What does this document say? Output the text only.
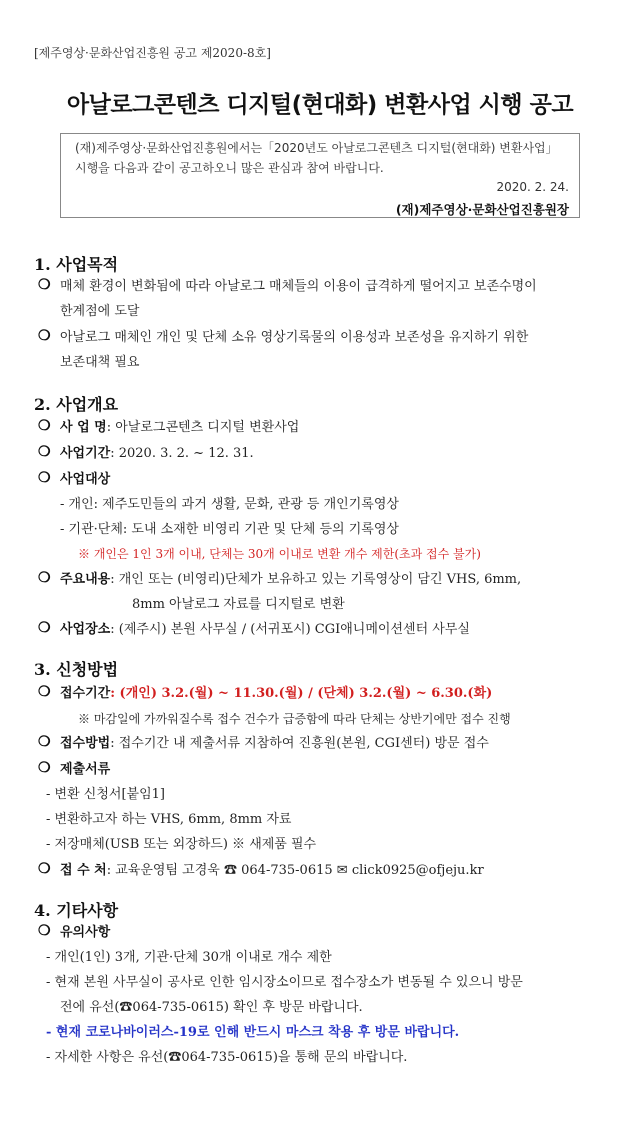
[제주영상·문화산업진흥원 공고 제2020-8호]
아날로그콘텐츠 디지털(현대화) 변환사업 시행 공고
(재)제주영상·문화산업진흥원에서는「2020년도 아날로그콘텐츠 디지털(현대화) 변환사업」시행을 다음과 같이 공고하오니 많은 관심과 참여 바랍니다.
2020. 2. 24.
(재)제주영상·문화산업진흥원장
1. 사업목적
❍ 매체 환경이 변화됨에 따라 아날로그 매체들의 이용이 급격하게 떨어지고 보존수명이
한계점에 도달
❍ 아날로그 매체인 개인 및 단체 소유 영상기록물의 이용성과 보존성을 유지하기 위한
보존대책 필요
2. 사업개요
❍ 사 업 명: 아날로그콘텐츠 디지털 변환사업
❍ 사업기간: 2020. 3. 2. ~ 12. 31.
❍ 사업대상
- 개인: 제주도민들의 과거 생활, 문화, 관광 등 개인기록영상
- 기관·단체: 도내 소재한 비영리 기관 및 단체 등의 기록영상
※ 개인은 1인 3개 이내, 단체는 30개 이내로 변환 개수 제한(초과 접수 불가)
❍ 주요내용: 개인 또는 (비영리)단체가 보유하고 있는 기록영상이 담긴 VHS, 6mm,
8mm 아날로그 자료를 디지털로 변환
❍ 사업장소: (제주시) 본원 사무실 / (서귀포시) CGI애니메이션센터 사무실
3. 신청방법
❍ 접수기간: (개인) 3.2.(월) ~ 11.30.(월) / (단체) 3.2.(월) ~ 6.30.(화)
※ 마감일에 가까워질수록 접수 건수가 급증함에 따라 단체는 상반기에만 접수 진행
❍ 접수방법: 접수기간 내 제출서류 지참하여 진흥원(본원, CGI센터) 방문 접수
❍ 제출서류
- 변환 신청서[붙임1]
- 변환하고자 하는 VHS, 6mm, 8mm 자료
- 저장매체(USB 또는 외장하드) ※ 새제품 필수
❍ 접 수 처: 교육운영팀 고경욱 ☎ 064-735-0615 ✉ click0925@ofjeju.kr
4. 기타사항
❍ 유의사항
- 개인(1인) 3개, 기관·단체 30개 이내로 개수 제한
- 현재 본원 사무실이 공사로 인한 임시장소이므로 접수장소가 변동될 수 있으니 방문
전에 유선(☎064-735-0615) 확인 후 방문 바랍니다.
- 현재 코로나바이러스-19로 인해 반드시 마스크 착용 후 방문 바랍니다.
- 자세한 사항은 유선(☎064-735-0615)을 통해 문의 바랍니다.
